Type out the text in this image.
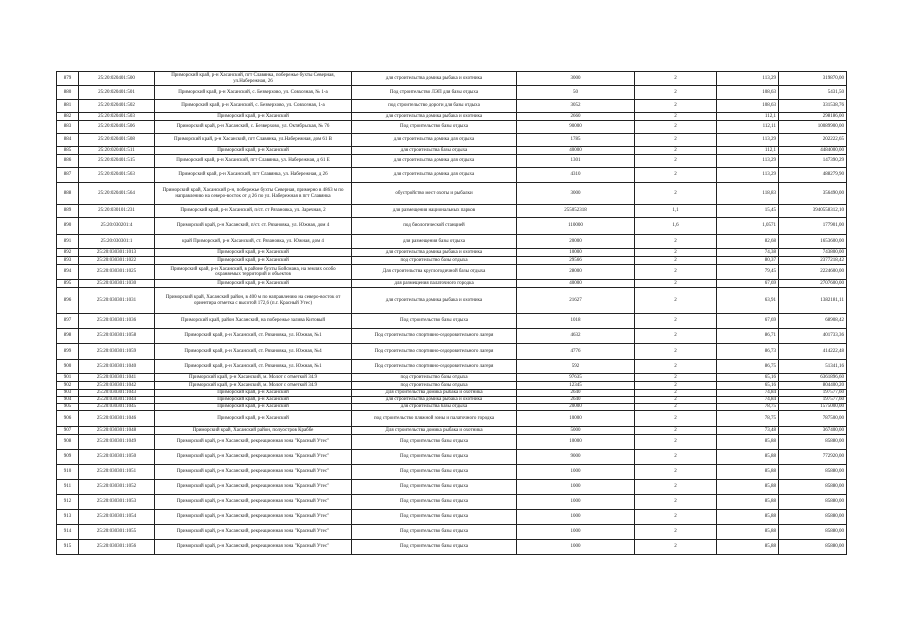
879	25:20:020401:500	Приморский край, р-н Хасанский, пгт Славянка, побережье бухты Северная, ул.Набережная, 26	для строительства домика рыбака и охотника	3000	2	113,29	319870,00
880	25:20:020401:501	Приморский край, р-н Хасанский, с. Безверхово, ул. Совхозная, № 1-а	Под строительство ЛЭП для базы отдыха	50	2	108,63	5431,50
881	25:20:020401:502	Приморский край, р-н Хасанский, с. Безверхово, ул. Совхозная, 1-а	под строительство дороги для базы отдыха	3052	2	108,63	331538,76
882	25:20:020401:503	Приморский край, р-н Хасанский	для строительства домика рыбака и охотника	2660	2	112,1	298186,00
883	25:20:020401:506	Приморский край, р-н Хасанский, с. Безверхово, ул. Октябрьская, № 76	Под строительство базы отдыха	90000	2	112,11	10089900,00
884	25:20:020401:508	Приморский край, р-н Хасанский, пгт Славянка, ул.Набережная, дом 61 В	для строительства домика для отдыха	1785	2	113,29	202222,65
885	25:20:020401:511	Приморский край, р-н Хасанский	для строительства базы отдыха	40000	2	112,1	4484000,00
886	25:20:020401:515	Приморский край, р-н Хасанский, пгт Славянка, ул. Набережная, д 61 Е	для строительства домика для отдыха	1301	2	113,29	147390,29
887	25:20:020401:563	Приморский край, р-н Хасанский, пгт Славянка, ул. Набережная, д 26	для строительства домика для отдыха	4310	2	113,29	488279,90
888	25:20:020401:564	Приморский край, Хасанский р-н, побережье бухты Северная, примерно в 4863 м по направлению на северо-восток от д 26 по ул. Набережная в пгт Славянка	обустройство мест охоты и рыбалки	3000	2	118,83	356490,00
889	25:20:030101:231	Приморский край, р-н Хасанский, п/ст. ст Рязановка, ул. Заречная, 2	для размещения национальных парков	255052318	1,1	15,45	3940558312,10
890	25:20:030201:4	Приморский край, р-н Хасанский, п/ст. ст. Рязановка, ул. Южная, дом 4	под биологической станцией	110000	1,6	1,0571	177901,00
891	25:20:030301:1	край Приморский, р-н Хасанский, ст. Рязановка, ул. Южная, дом 4	для размещения базы отдыха	20000	2	82,68	1653600,00
892	25:20:030301:1013	Приморский край, р-н Хасанский	для строительства домика рыбака и охотника	10000	2	74,38	743800,00
893	25:20:030301:1022	Приморский край, р-н Хасанский	под строительство базы отдыха	29566	2	80,37	2377218,42
894	25:20:030301:1025	Приморский край, р-н Хасанский, в районе бухты Бойсмана, на землях особо охраняемых территорий и объектов	Для строительства круглогодичной базы отдыха	28000	2	79,45	2224600,00
895	25:20:030301:1030	Приморский край, р-н Хасанский	для размещения палаточного городка	40000	2	67,69	2707600,00
896	25:20:030301:1031	Приморский край, Хасанский район, в 400 м по направлению на северо-восток от ориентира отметка с высотой 172,6 (п.г. Красный Утес)	для строительства домика рыбака и охотника	21627	2	63,91	1382181,11
897	25:20:030301:1036	Приморский край, район Хасанский, на побережье залива Китовый	Под строительство базы отдыха	1018	2	67,69	68908,42
898	25:20:030301:1058	Приморский край, р-н Хасанский, ст. Рязановка, ул. Южная, №1	Под строительство спортивно-оздоровительного лагеря	4632	2	86,71	401733,36
899	25:20:030301:1059	Приморский край, р-н Хасанский, ст. Рязановка, ул. Южная, №4	Под строительство спортивно-оздоровительного лагеря	4776	2	86,73	414222,48
900	25:20:030301:1040	Приморский край, р-н Хасанский, ст. Рязановка, ул. Южная, №1	Под строительство спортивно-оздоровительного лагеря	592	2	86,75	51341,16
901	25:20:030301:1041	Приморский край, р-н Хасанский, м. Молот с отметкой 34.9	под строительство базы отдыха	97635	2	65,16	6361896,60
902	25:20:030301:1042	Приморский край, р-н Хасанский, м. Молот с отметкой 34.9	под строительство базы отдыха	12345	2	65,16	804400,20
903	25:20:030301:1043	Приморский край, р-н Хасанский	Для строительства домика рыбака и охотника	2640	2	74,84	197577,60
904	25:20:030301:1044	Приморский край, р-н Хасанский	для строительства домика рыбака и охотника	2640	2	74,84	197577,60
905	25:20:030301:1045	Приморский край, р-н Хасанский	для строительства базы отдыха	20000	2	78,75	1575000,00
906	25:20:030301:1046	Приморский край, р-н Хасанский	под строительство пляжной зоны и палаточного городка	10000	2	78,75	787500,00
907	25:20:030301:1048	Приморский край, Хасанский район, полуостров Краббе	Для строительства домика рыбака и охотника	5000	2	73,48	367400,00
908	25:20:030301:1049	Приморский край, р-н Хасанский, рекреационная зона "Красный Утес"	Под строительство базы отдыха	10000	2	85,88	85880,00
909	25:20:030301:1050	Приморский край, р-н Хасанский, рекреационная зона "Красный Утес"	Под строительство базы отдыха	9000	2	85,88	772920,00
910	25:20:030301:1051	Приморский край, р-н Хасанский, рекреационная зона "Красный Утес"	Под строительство базы отдыха	1000	2	85,88	85880,00
911	25:20:030301:1052	Приморский край, р-н Хасанский, рекреационная зона "Красный Утес"	Под строительство базы отдыха	1000	2	85,88	85880,00
912	25:20:030301:1053	Приморский край, р-н Хасанский, рекреационная зона "Красный Утес"	Под строительство базы отдыха	1000	2	85,88	85880,00
913	25:20:030301:1054	Приморский край, р-н Хасанский, рекреационная зона "Красный Утес"	Под строительство базы отдыха	1000	2	85,88	85880,00
914	25:20:030301:1055	Приморский край, р-н Хасанский, рекреационная зона "Красный Утес"	Под строительство базы отдыха	1000	2	85,88	85880,00
915	25:20:030301:1056	Приморский край, р-н Хасанский, рекреационная зона "Красный Утес"	Под строительство базы отдыха	1000	2	85,88	85880,00
